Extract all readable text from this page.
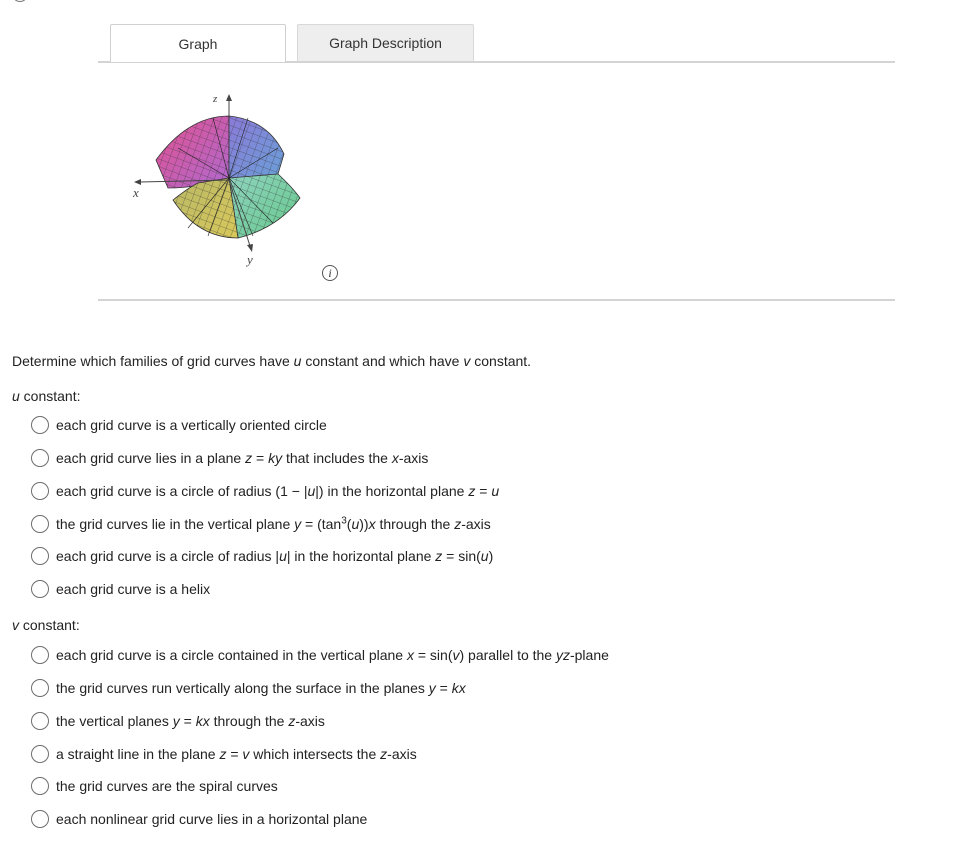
Graph	Graph Description
z
x
y
i
Determine which families of grid curves have u constant and which have v constant.
u constant:
each grid curve is a vertically oriented circle
each grid curve lies in a plane z = ky that includes the x-axis
each grid curve is a circle of radius (1 − |u|) in the horizontal plane z = u
the grid curves lie in the vertical plane $y = (\tan^3(u))x$ through the z-axis
each grid curve is a circle of radius |u| in the horizontal plane z = sin(u)
each grid curve is a helix
v constant:
each grid curve is a circle contained in the vertical plane x = sin(v) parallel to the yz-plane
the grid curves run vertically along the surface in the planes y = kx
the vertical planes y = kx through the z-axis
a straight line in the plane z = v which intersects the z-axis
the grid curves are the spiral curves
each nonlinear grid curve lies in a horizontal plane
